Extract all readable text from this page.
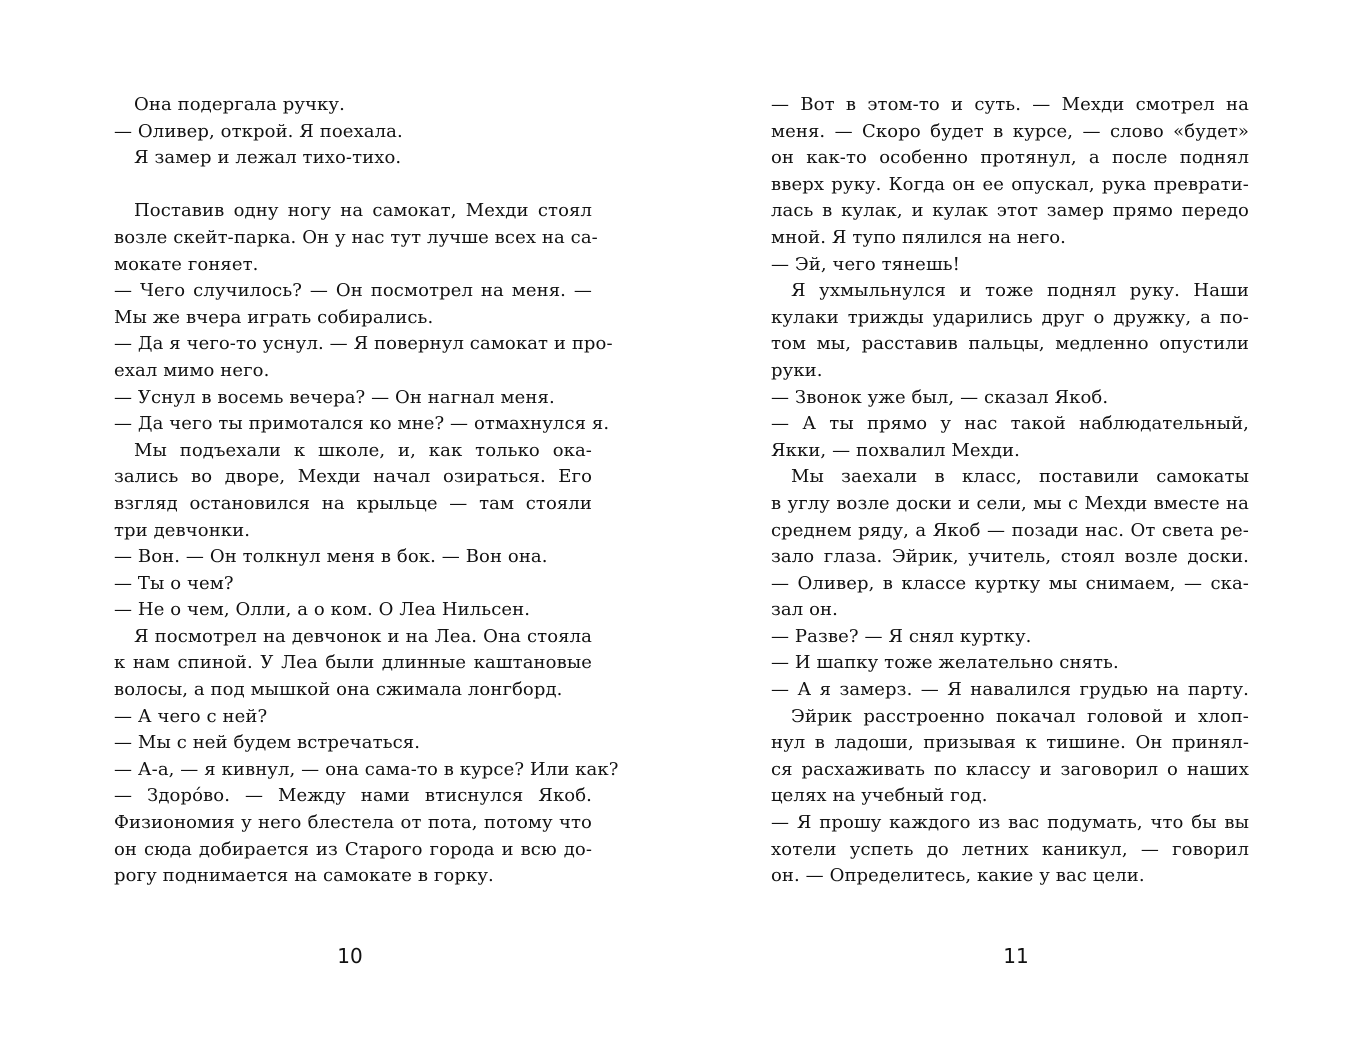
Она подергала ручку.
— Оливер, открой. Я поехала.
Я замер и лежал тихо-тихо.
Поставив одну ногу на самокат, Мехди стоял
возле скейт-парка. Он у нас тут лучше всех на са-
мокате гоняет.
— Чего случилось? — Он посмотрел на меня. —
Мы же вчера играть собирались.
— Да я чего-то уснул. — Я повернул самокат и про-
ехал мимо него.
— Уснул в восемь вечера? — Он нагнал меня.
— Да чего ты примотался ко мне? — отмахнулся я.
Мы подъехали к школе, и, как только ока-
зались во дворе, Мехди начал озираться. Его
взгляд остановился на крыльце — там стояли
три девчонки.
— Вон. — Он толкнул меня в бок. — Вон она.
— Ты о чем?
— Не о чем, Олли, а о ком. О Леа Нильсен.
Я посмотрел на девчонок и на Леа. Она стояла
к нам спиной. У Леа были длинные каштановые
волосы, а под мышкой она сжимала лонгборд.
— А чего с ней?
— Мы с ней будем встречаться.
— А-а, — я кивнул, — она сама-то в курсе? Или как?
— Здоро́во. — Между нами втиснулся Якоб.
Физиономия у него блестела от пота, потому что
он сюда добирается из Старого города и всю до-
рогу поднимается на самокате в горку.
— Вот в этом-то и суть. — Мехди смотрел на
меня. — Скоро будет в курсе, — слово «будет»
он как-то особенно протянул, а после поднял
вверх руку. Когда он ее опускал, рука преврати-
лась в кулак, и кулак этот замер прямо передо
мной. Я тупо пялился на него.
— Эй, чего тянешь!
Я ухмыльнулся и тоже поднял руку. Наши
кулаки трижды ударились друг о дружку, а по-
том мы, расставив пальцы, медленно опустили
руки.
— Звонок уже был, — сказал Якоб.
— А ты прямо у нас такой наблюдательный,
Якки, — похвалил Мехди.
Мы заехали в класс, поставили самокаты
в углу возле доски и сели, мы с Мехди вместе на
среднем ряду, а Якоб — позади нас. От света ре-
зало глаза. Эйрик, учитель, стоял возле доски.
— Оливер, в классе куртку мы снимаем, — ска-
зал он.
— Разве? — Я снял куртку.
— И шапку тоже желательно снять.
— А я замерз. — Я навалился грудью на парту.
Эйрик расстроенно покачал головой и хлоп-
нул в ладоши, призывая к тишине. Он принял-
ся расхаживать по классу и заговорил о наших
целях на учебный год.
— Я прошу каждого из вас подумать, что бы вы
хотели успеть до летних каникул, — говорил
он. — Определитесь, какие у вас цели.
10	11
